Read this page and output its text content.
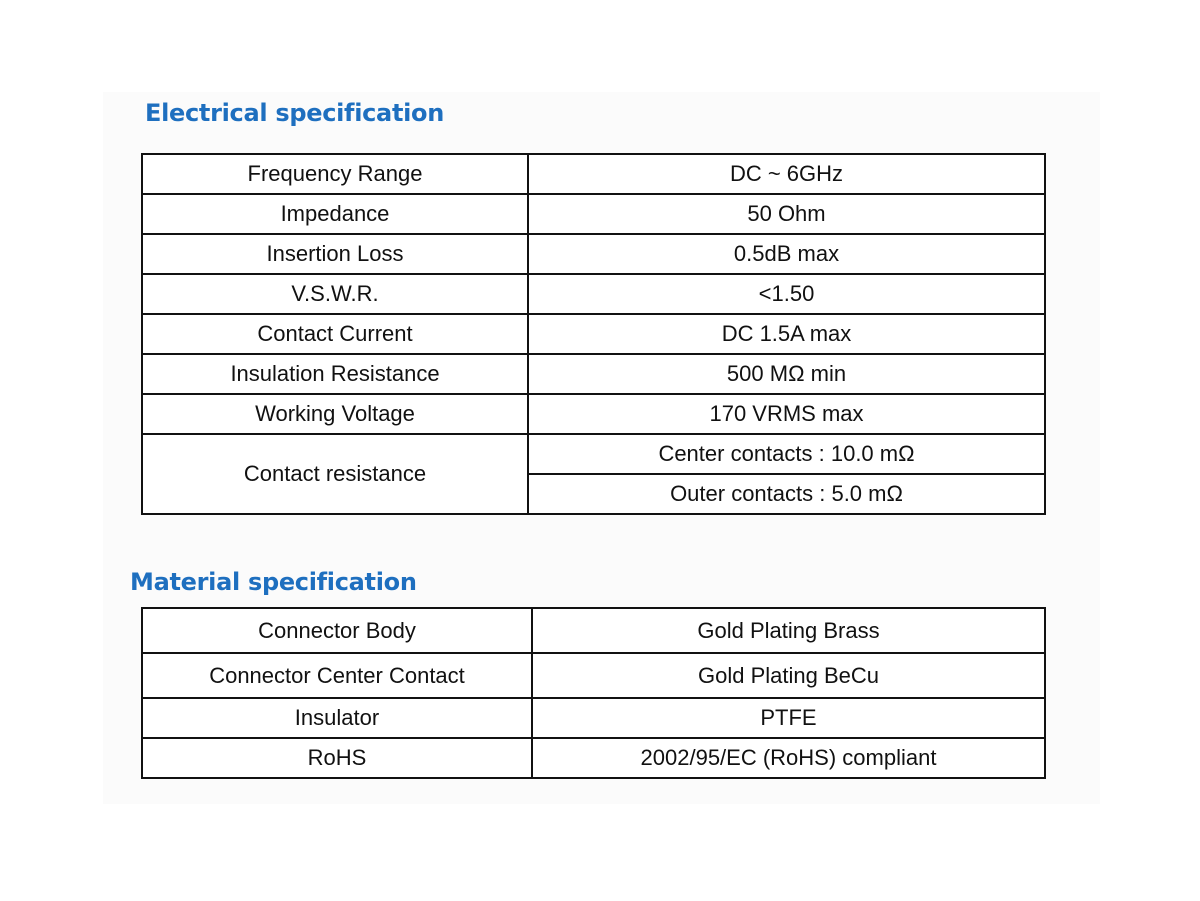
Electrical specification
Frequency Range	DC ~ 6GHz
Impedance	50 Ohm
Insertion Loss	0.5dB max
V.S.W.R.	<1.50
Contact Current	DC 1.5A max
Insulation Resistance	500 MΩ min
Working Voltage	170 VRMS max
Contact resistance	Center contacts : 10.0 mΩ
	Outer contacts : 5.0 mΩ
Material specification
Connector Body	Gold Plating Brass
Connector Center Contact	Gold Plating BeCu
Insulator	PTFE
RoHS	2002/95/EC (RoHS) compliant
